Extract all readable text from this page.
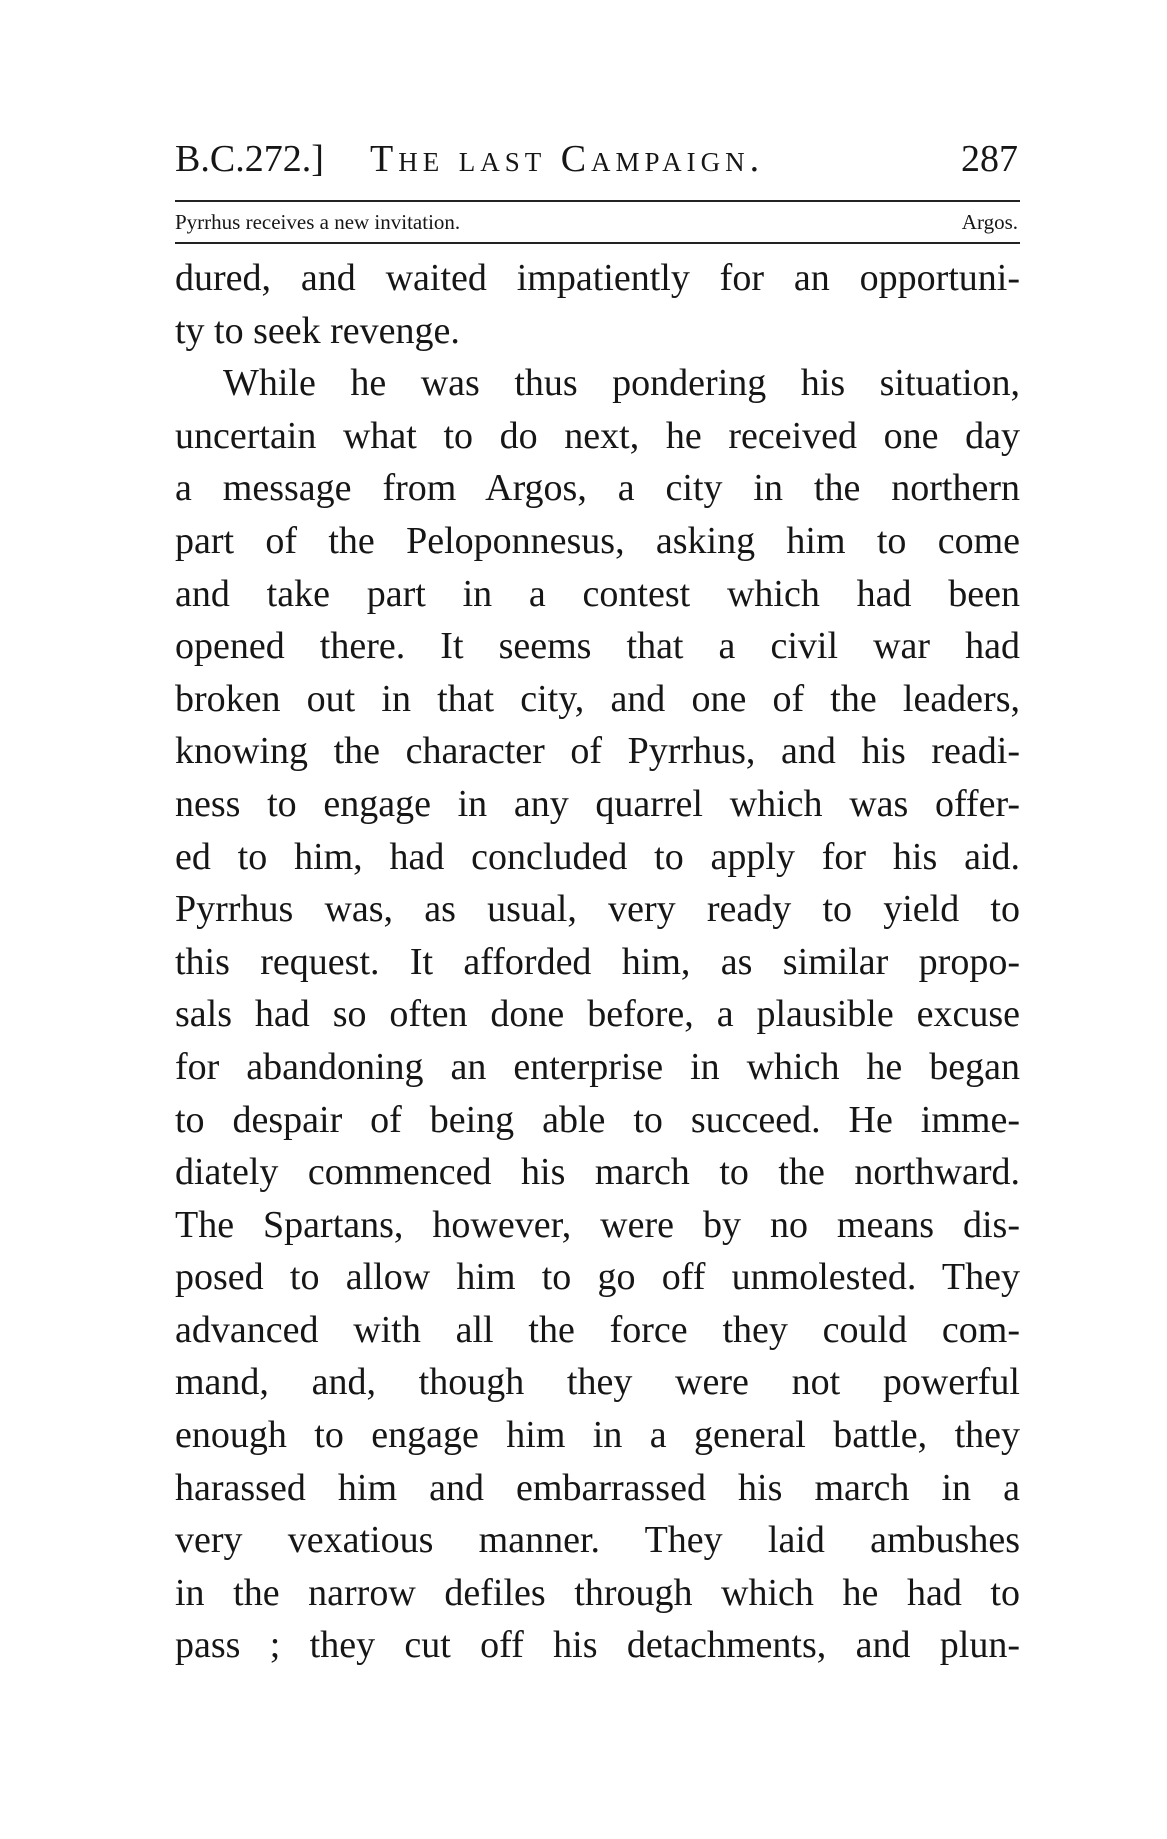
B.C.272.] The last Campaign.	287
Pyrrhus receives a new invitation.	Argos.
dured, and waited impatiently for an opportuni-
ty to seek revenge.
While he was thus pondering his situation,
uncertain what to do next, he received one day
a message from Argos, a city in the northern
part of the Peloponnesus, asking him to come
and take part in a contest which had been
opened there. It seems that a civil war had
broken out in that city, and one of the leaders,
knowing the character of Pyrrhus, and his readi-
ness to engage in any quarrel which was offer-
ed to him, had concluded to apply for his aid.
Pyrrhus was, as usual, very ready to yield to
this request. It afforded him, as similar propo-
sals had so often done before, a plausible excuse
for abandoning an enterprise in which he began
to despair of being able to succeed. He imme-
diately commenced his march to the northward.
The Spartans, however, were by no means dis-
posed to allow him to go off unmolested. They
advanced with all the force they could com-
mand, and, though they were not powerful
enough to engage him in a general battle, they
harassed him and embarrassed his march in a
very vexatious manner. They laid ambushes
in the narrow defiles through which he had to
pass ; they cut off his detachments, and plun-
